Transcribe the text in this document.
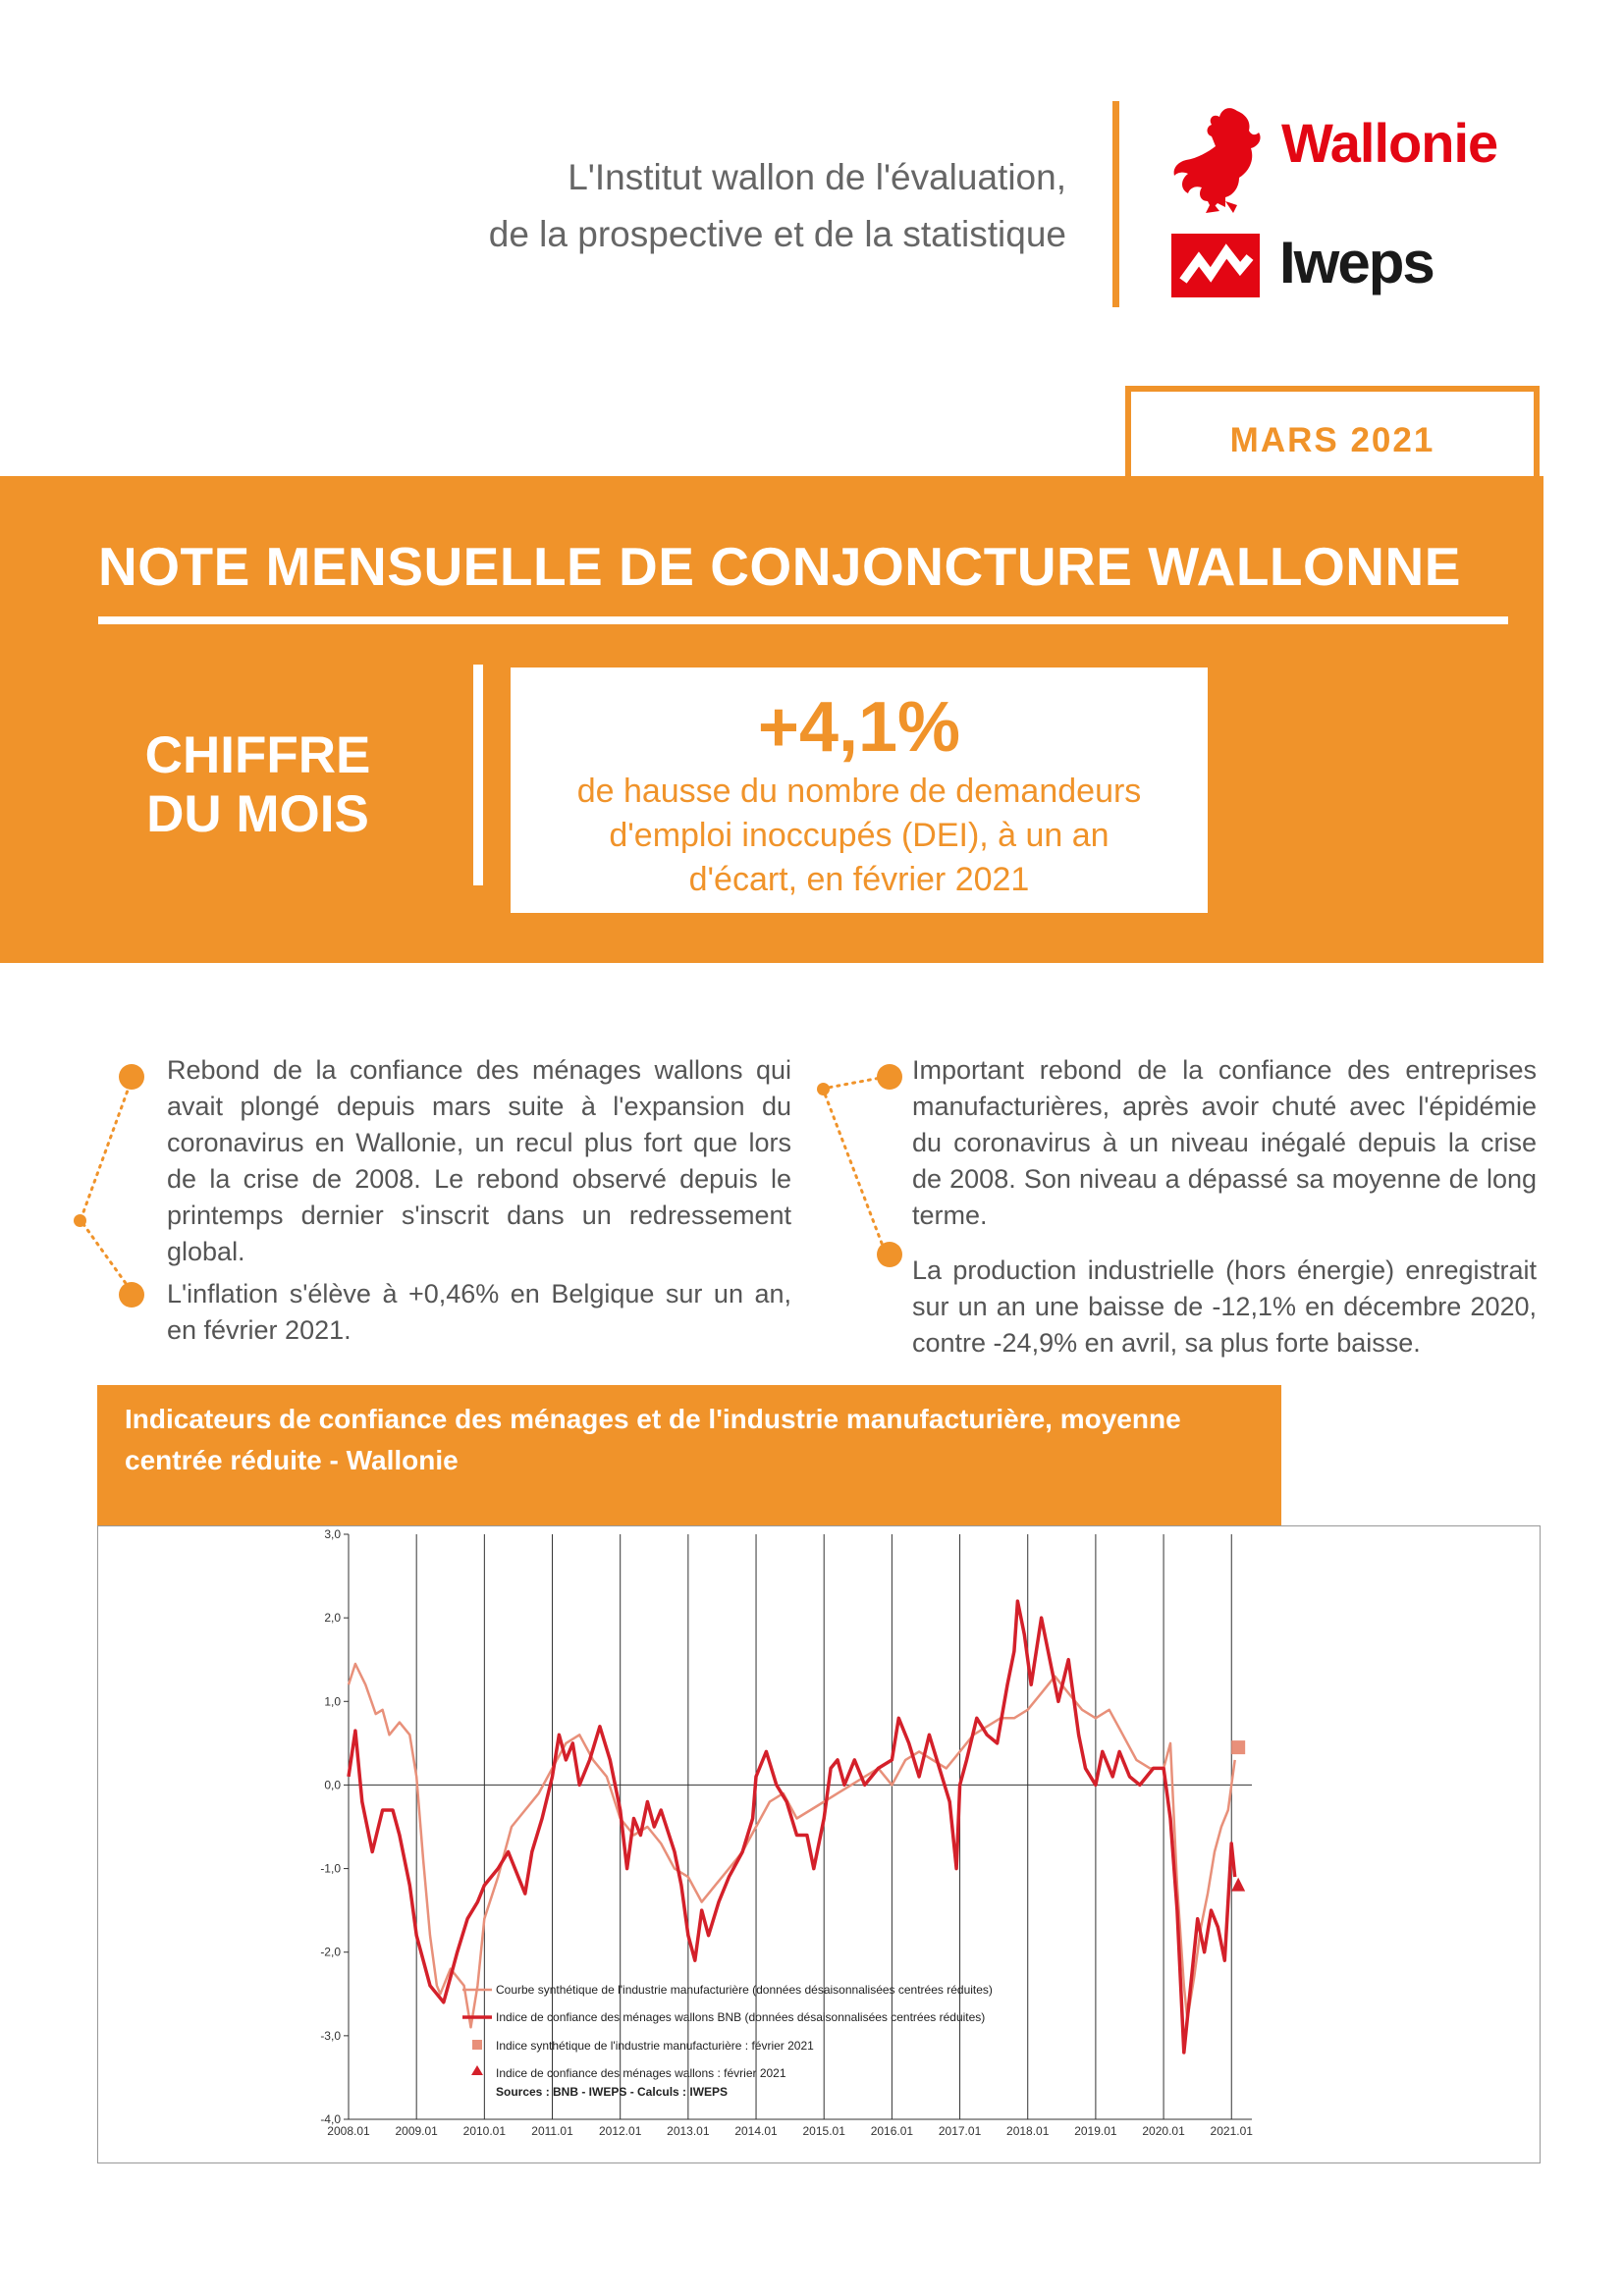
L'Institut wallon de l'évaluation,
de la prospective et de la statistique
Wallonie
Iweps
MARS 2021
NOTE MENSUELLE DE CONJONCTURE WALLONNE
CHIFFRE
DU MOIS
+4,1%
de hausse du nombre de demandeurs
d'emploi inoccupés (DEI), à un an
d'écart, en février 2021
Rebond de la confiance des ménages wallons qui avait plongé depuis mars suite à l'expansion du coronavirus en Wallonie, un recul plus fort que lors de la crise de 2008. Le rebond observé depuis le printemps dernier s'inscrit dans un redressement global.
L'inflation s'élève à +0,46% en Belgique sur un an, en février 2021.
Important rebond de la confiance des entreprises manufacturières, après avoir chuté avec l'épidémie du coronavirus à un niveau inégalé depuis la crise de 2008. Son niveau a dépassé sa moyenne de long terme.
La production industrielle (hors énergie) enregistrait sur un an une baisse de -12,1% en décembre 2020, contre -24,9% en avril, sa plus forte baisse.
Indicateurs de confiance des ménages et de l'industrie manufacturière, moyenne centrée réduite - Wallonie
2008.01 2009.01 2010.01 2011.01 2012.01 2013.01 2014.01 2015.01 2016.01 2017.01 2018.01 2019.01 2020.01 2021.01
3,0
2,0
1,0
0,0
-1,0
-2,0
-3,0
-4,0
Courbe synthétique de l'industrie manufacturière (données désaisonnalisées centrées réduites)
Indice de confiance des ménages wallons BNB (données désaisonnalisées centrées réduites)
Indice synthétique de l'industrie manufacturière : février 2021
Indice de confiance des ménages wallons : février 2021
Sources : BNB - IWEPS - Calculs : IWEPS
